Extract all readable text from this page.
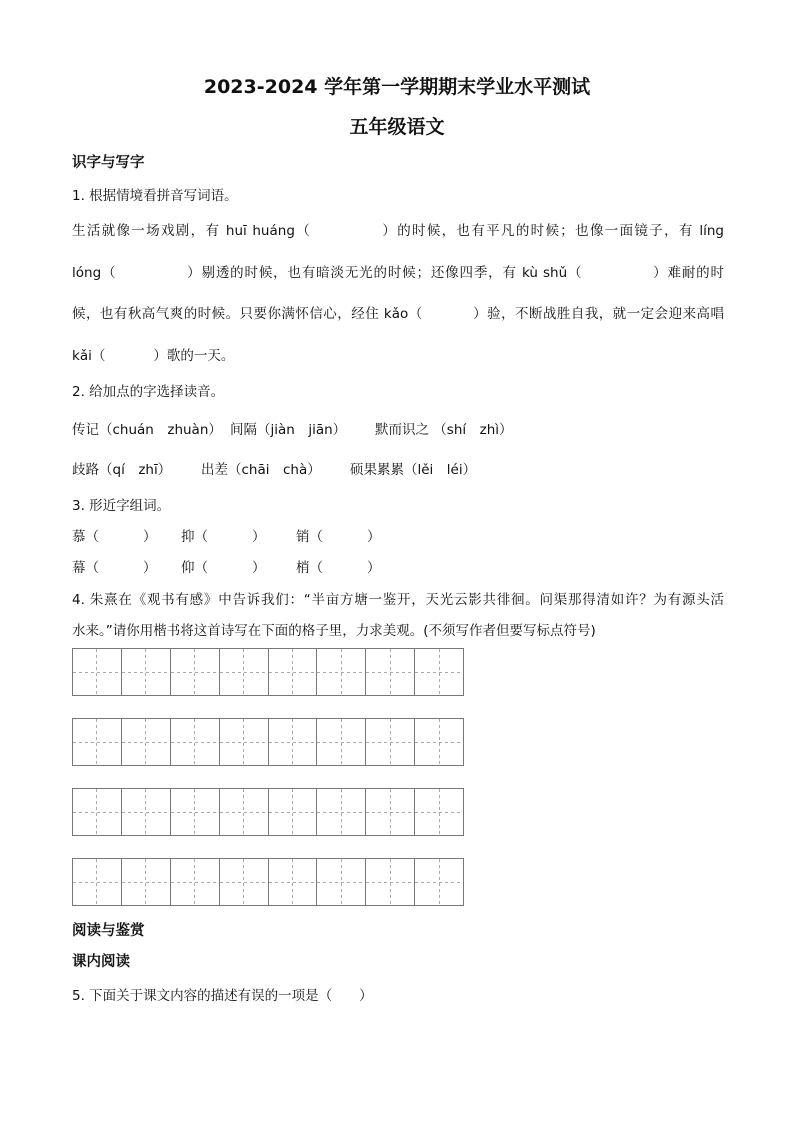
2023-2024 学年第一学期期末学业水平测试
五年级语文
识字与写字
1. 根据情境看拼音写词语。
生活就像一场戏剧，有 huī huáng（	）的时候，也有平凡的时候；也像一面镜子，有 líng
lóng（	）剔透的时候，也有暗淡无光的时候；还像四季，有 kù shǔ（	）难耐的时
候，也有秋高气爽的时候。只要你满怀信心，经住 kǎo（	）验，不断战胜自我，就一定会迎来高唱
kǎi（	）歌的一天。
2. 给加点的字选择读音。
传记（chuán　zhuàn） 间隔（jiàn　jiān） 默而识之 （shí　zhì）
歧路（qí　zhī） 出差（chāi　chà） 硕果累累（lěi　léi）
3. 形近字组词。
慕（	） 抑（	） 销（	）
幕（	） 仰（	） 梢（	）
4. 朱熹在《观书有感》中告诉我们：“半亩方塘一鉴开，天光云影共徘徊。问渠那得清如许？为有源头活
水来。”请你用楷书将这首诗写在下面的格子里，力求美观。(不须写作者但要写标点符号)
阅读与鉴赏
课内阅读
5. 下面关于课文内容的描述有误的一项是（　　）
